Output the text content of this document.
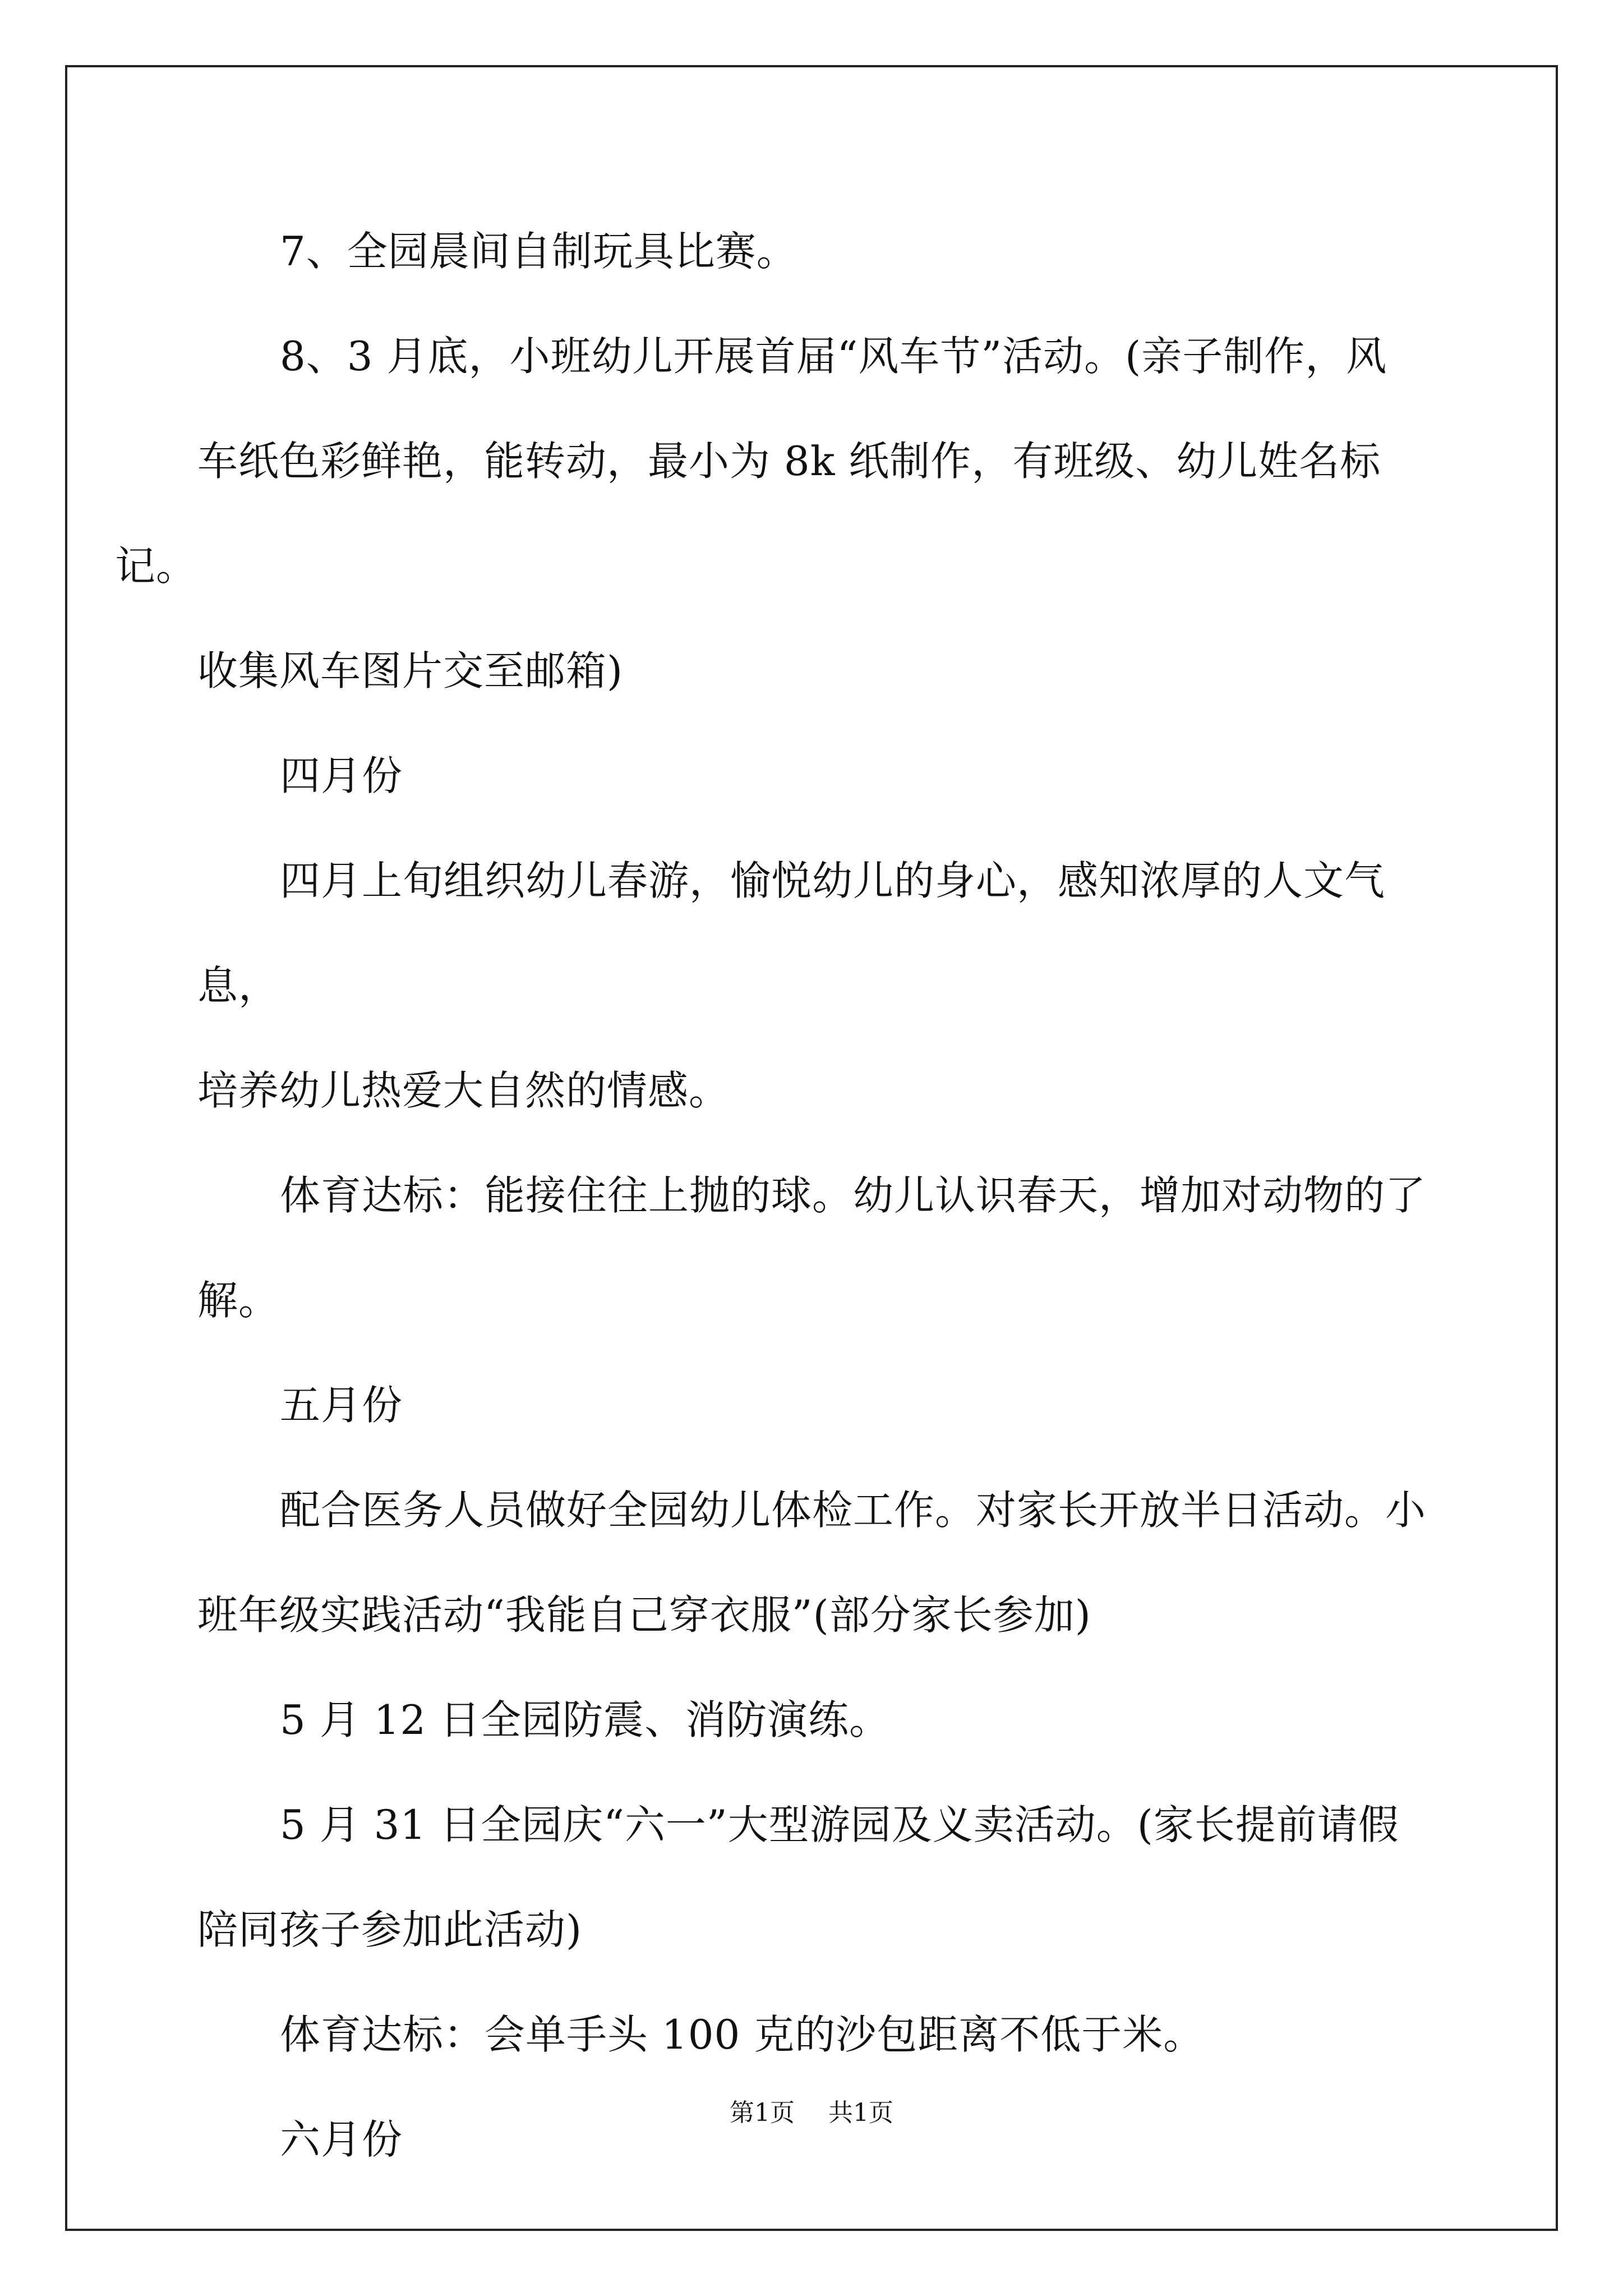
7、全园晨间自制玩具比赛。

8、3 月底，小班幼儿开展首届“风车节”活动。(亲子制作，风
车纸色彩鲜艳，能转动，最小为 8k 纸制作，有班级、幼儿姓名标记。
收集风车图片交至邮箱)

四月份

四月上旬组织幼儿春游，愉悦幼儿的身心，感知浓厚的人文气息，
培养幼儿热爱大自然的情感。

体育达标：能接住往上抛的球。幼儿认识春天，增加对动物的了
解。

五月份

配合医务人员做好全园幼儿体检工作。对家长开放半日活动。小
班年级实践活动“我能自己穿衣服”(部分家长参加)

5 月 12 日全园防震、消防演练。

5 月 31 日全园庆“六一”大型游园及义卖活动。(家长提前请假
陪同孩子参加此活动)

体育达标：会单手头 100 克的沙包距离不低于米。

六月份

第1页 共1页
